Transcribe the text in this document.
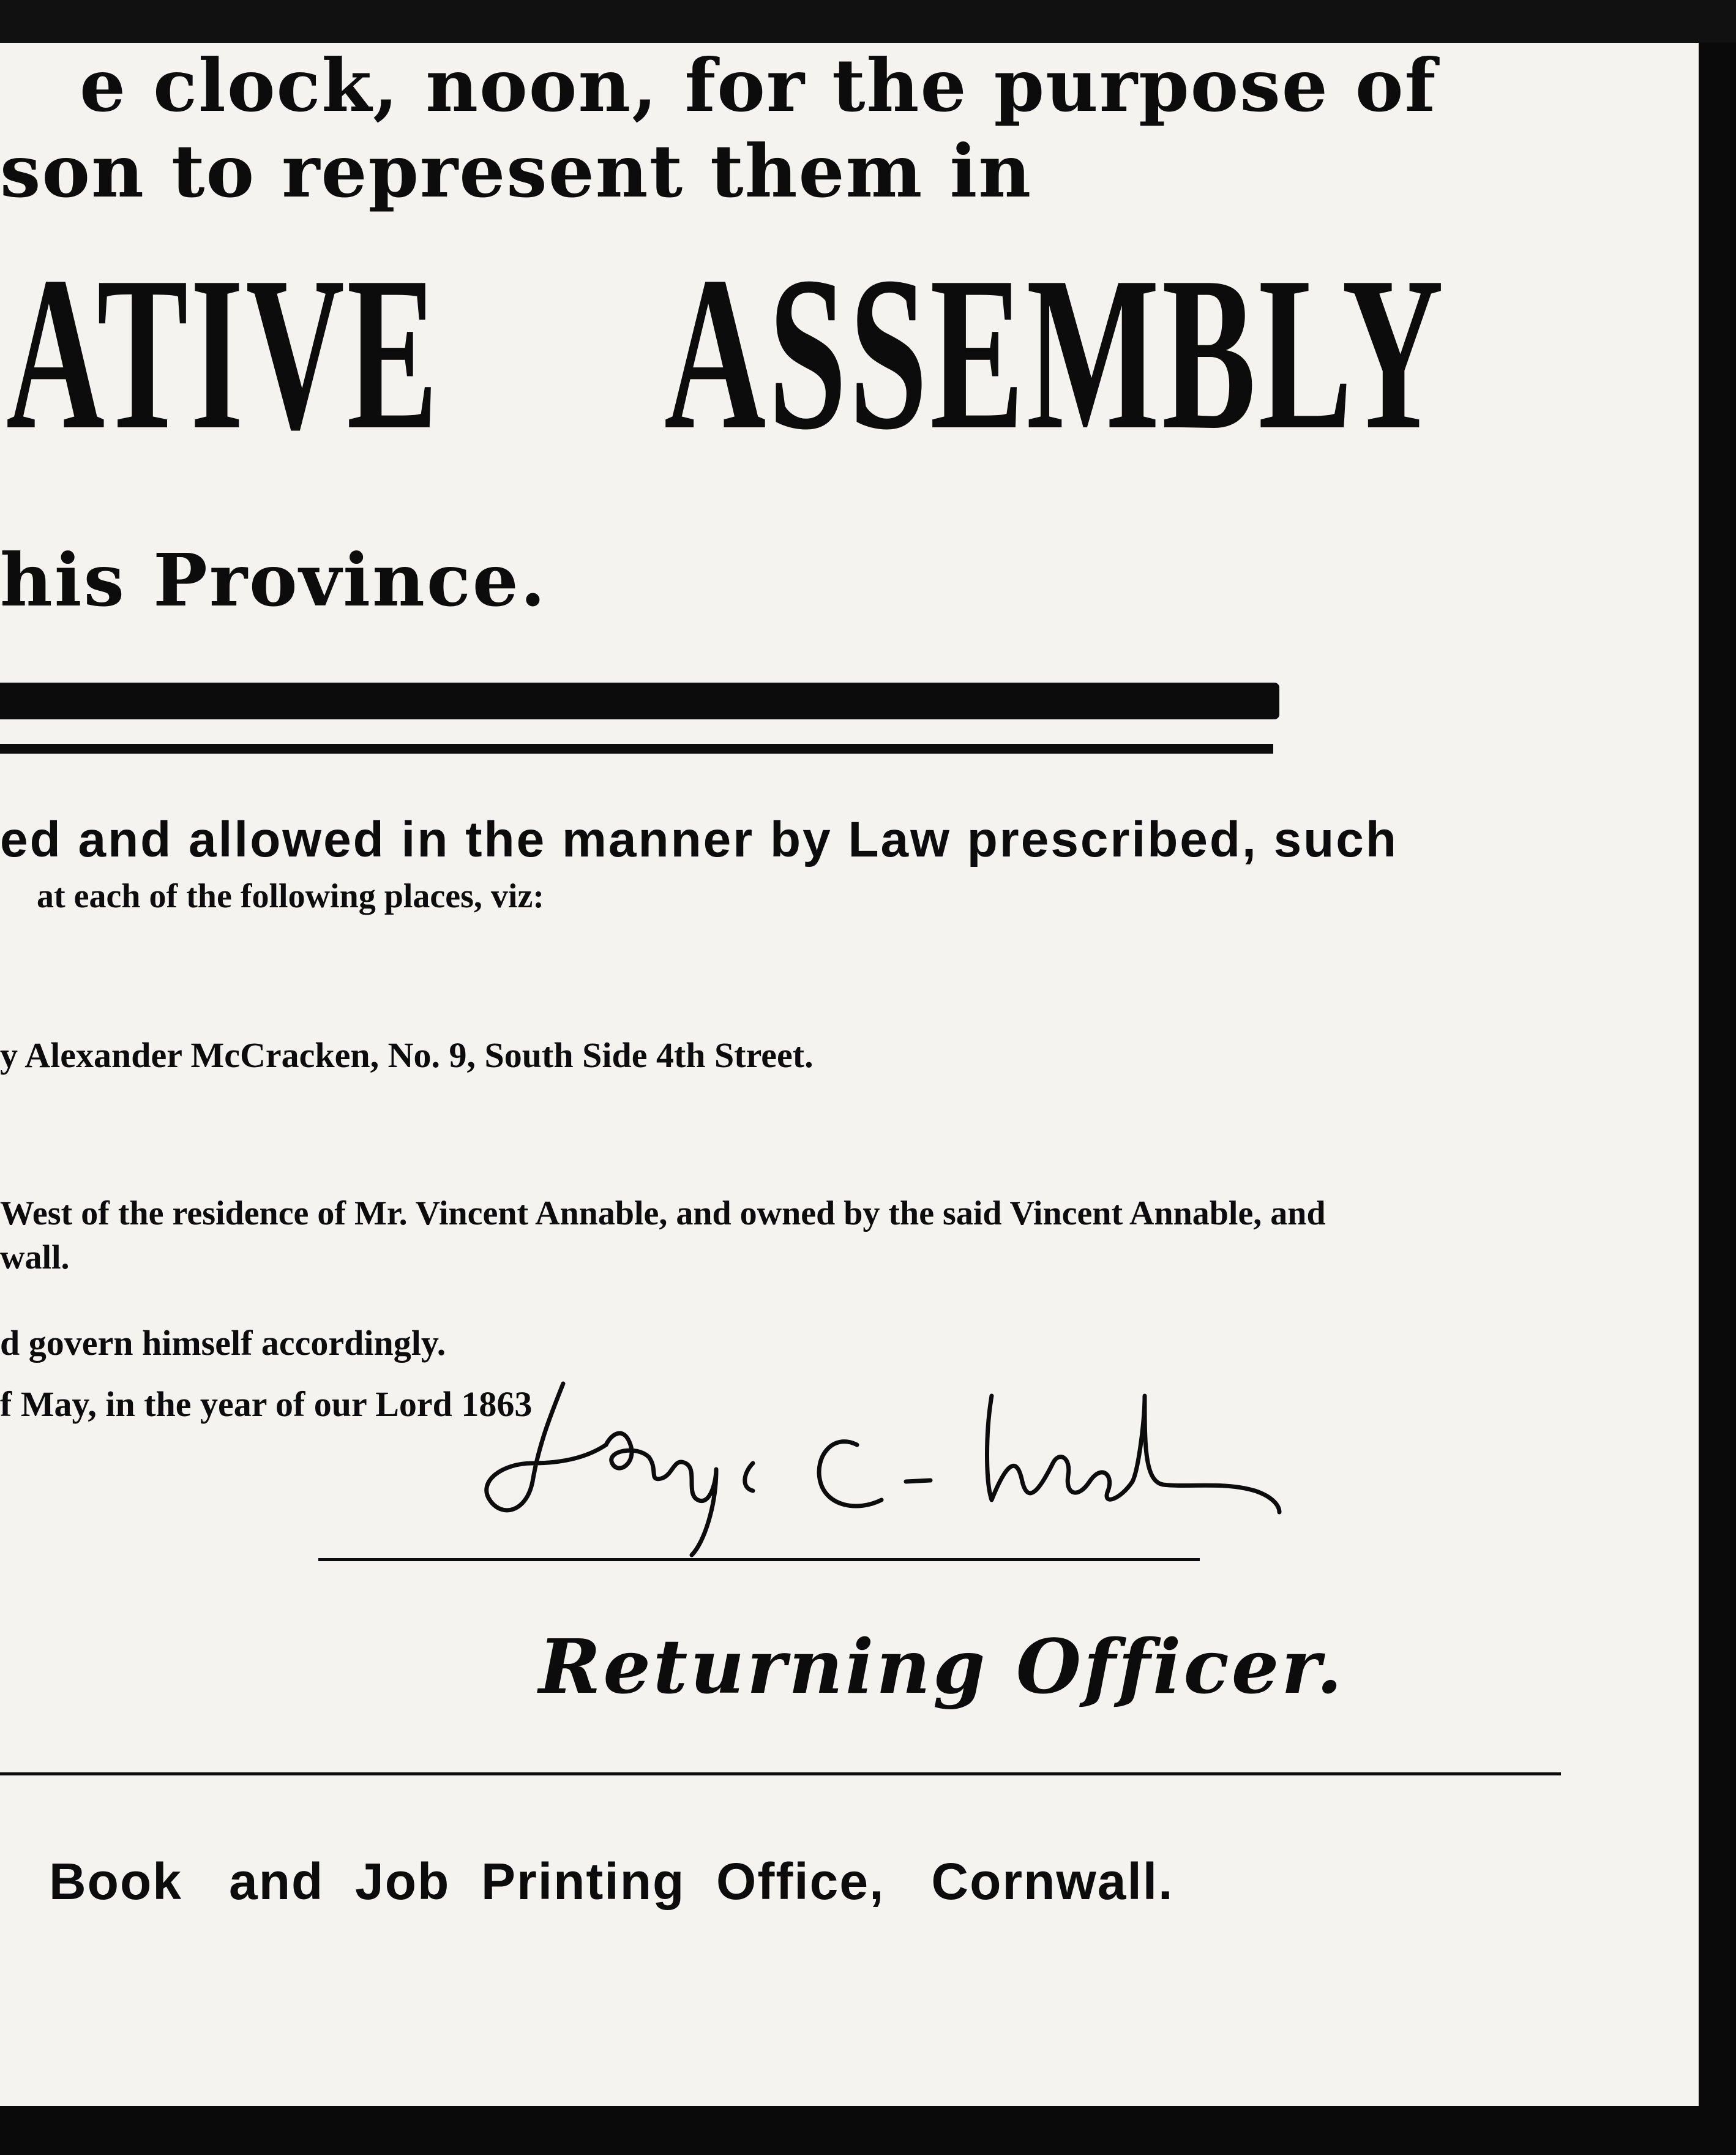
e clock, noon, for the purpose of
son to represent them in
ATIVE ASSEMBLY
his Province.
ed and allowed in the manner by Law prescribed, such
at each of the following places, viz:
y Alexander McCracken, No. 9, South Side 4th Street.
West of the residence of Mr. Vincent Annable, and owned by the said Vincent Annable, and
wall.
d govern himself accordingly.
f May, in the year of our Lord 1863
Returning Officer.
Book   and  Job  Printing  Office,   Cornwall.
